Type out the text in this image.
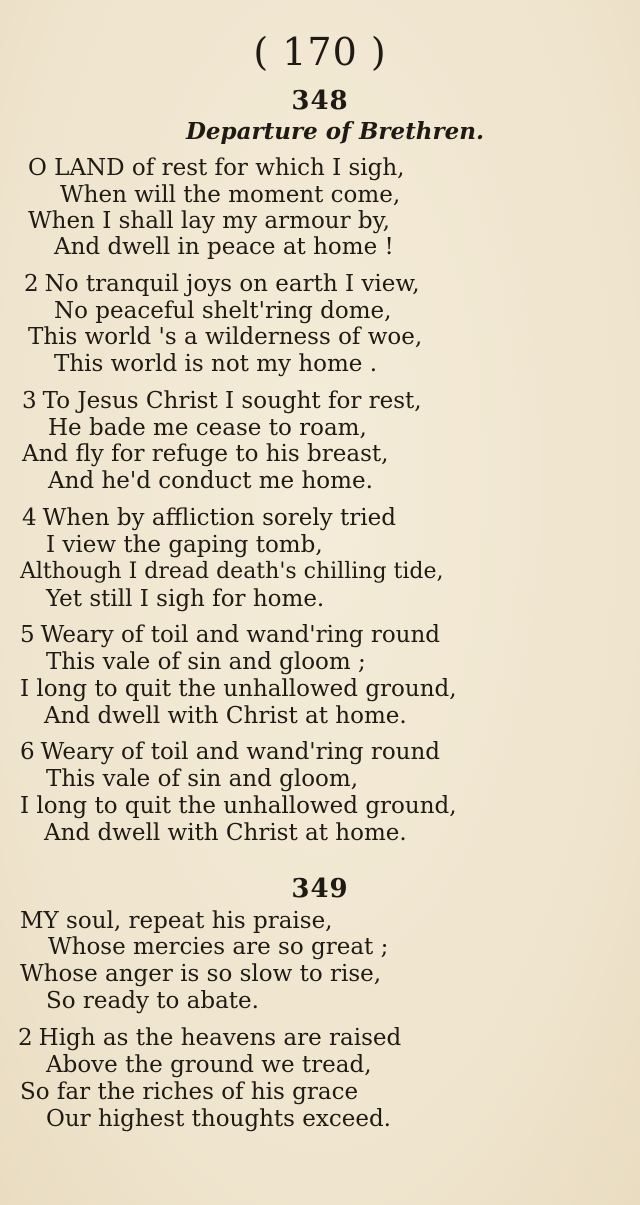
( 170 )
348
Departure of Brethren.
O LAND of rest for which I sigh,
When will the moment come,
When I shall lay my armour by,
And dwell in peace at home !
2 No tranquil joys on earth I view,
No peaceful shelt'ring dome,
This world 's a wilderness of woe,
This world is not my home .
3 To Jesus Christ I sought for rest,
He bade me cease to roam,
And fly for refuge to his breast,
And he'd conduct me home.
4 When by affliction sorely tried
I view the gaping tomb,
Although I dread death's chilling tide,
Yet still I sigh for home.
5 Weary of toil and wand'ring round
This vale of sin and gloom ;
I long to quit the unhallowed ground,
And dwell with Christ at home.
6 Weary of toil and wand'ring round
This vale of sin and gloom,
I long to quit the unhallowed ground,
And dwell with Christ at home.
349
MY soul, repeat his praise,
Whose mercies are so great ;
Whose anger is so slow to rise,
So ready to abate.
2 High as the heavens are raised
Above the ground we tread,
So far the riches of his grace
Our highest thoughts exceed.
